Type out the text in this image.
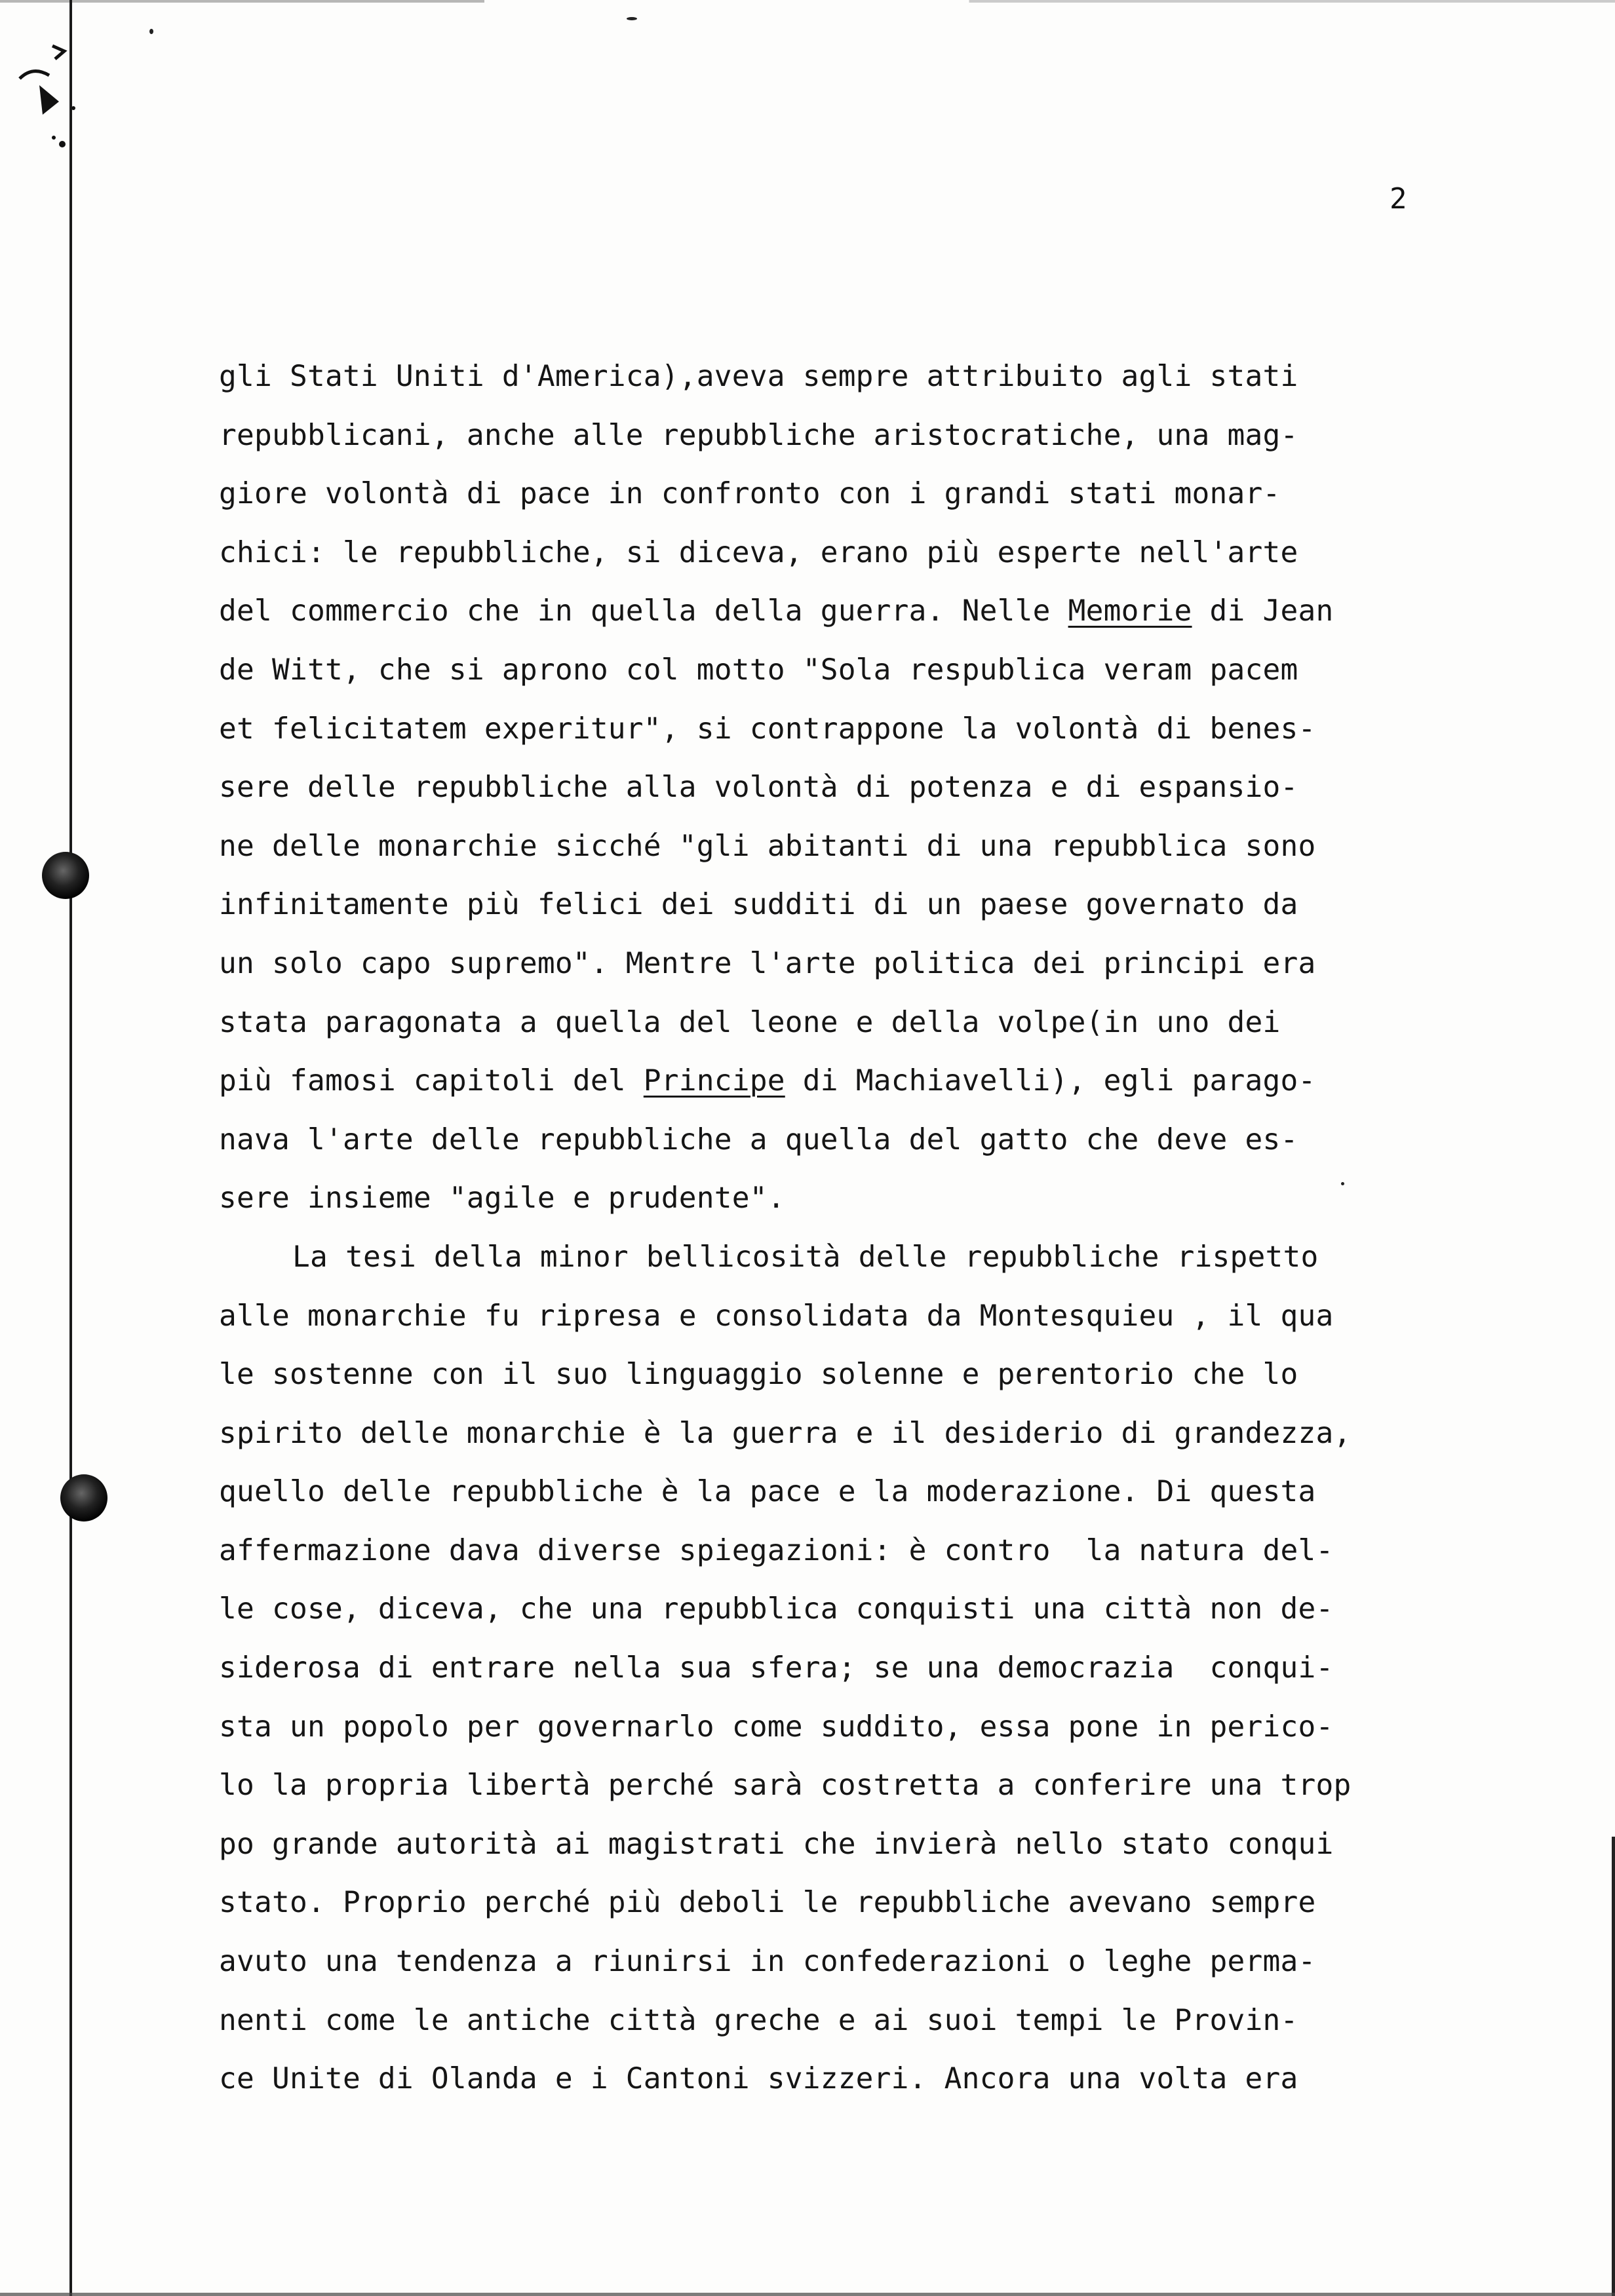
2
gli Stati Uniti d'America),aveva sempre attribuito agli stati
repubblicani, anche alle repubbliche aristocratiche, una mag-
giore volontà di pace in confronto con i grandi stati monar-
chici: le repubbliche, si diceva, erano più esperte nell'arte
del commercio che in quella della guerra. Nelle Memorie di Jean
de Witt, che si aprono col motto "Sola respublica veram pacem
et felicitatem experitur", si contrappone la volontà di benes-
sere delle repubbliche alla volontà di potenza e di espansio-
ne delle monarchie sicché "gli abitanti di una repubblica sono
infinitamente più felici dei sudditi di un paese governato da
un solo capo supremo". Mentre l'arte politica dei principi era
stata paragonata a quella del leone e della volpe(in uno dei
più famosi capitoli del Principe di Machiavelli), egli parago-
nava l'arte delle repubbliche a quella del gatto che deve es-
sere insieme "agile e prudente".
La tesi della minor bellicosità delle repubbliche rispetto
alle monarchie fu ripresa e consolidata da Montesquieu , il qua
le sostenne con il suo linguaggio solenne e perentorio che lo
spirito delle monarchie è la guerra e il desiderio di grandezza,
quello delle repubbliche è la pace e la moderazione. Di questa
affermazione dava diverse spiegazioni: è contro  la natura del-
le cose, diceva, che una repubblica conquisti una città non de-
siderosa di entrare nella sua sfera; se una democrazia  conqui-
sta un popolo per governarlo come suddito, essa pone in perico-
lo la propria libertà perché sarà costretta a conferire una trop
po grande autorità ai magistrati che invierà nello stato conqui
stato. Proprio perché più deboli le repubbliche avevano sempre
avuto una tendenza a riunirsi in confederazioni o leghe perma-
nenti come le antiche città greche e ai suoi tempi le Provin-
ce Unite di Olanda e i Cantoni svizzeri. Ancora una volta era
